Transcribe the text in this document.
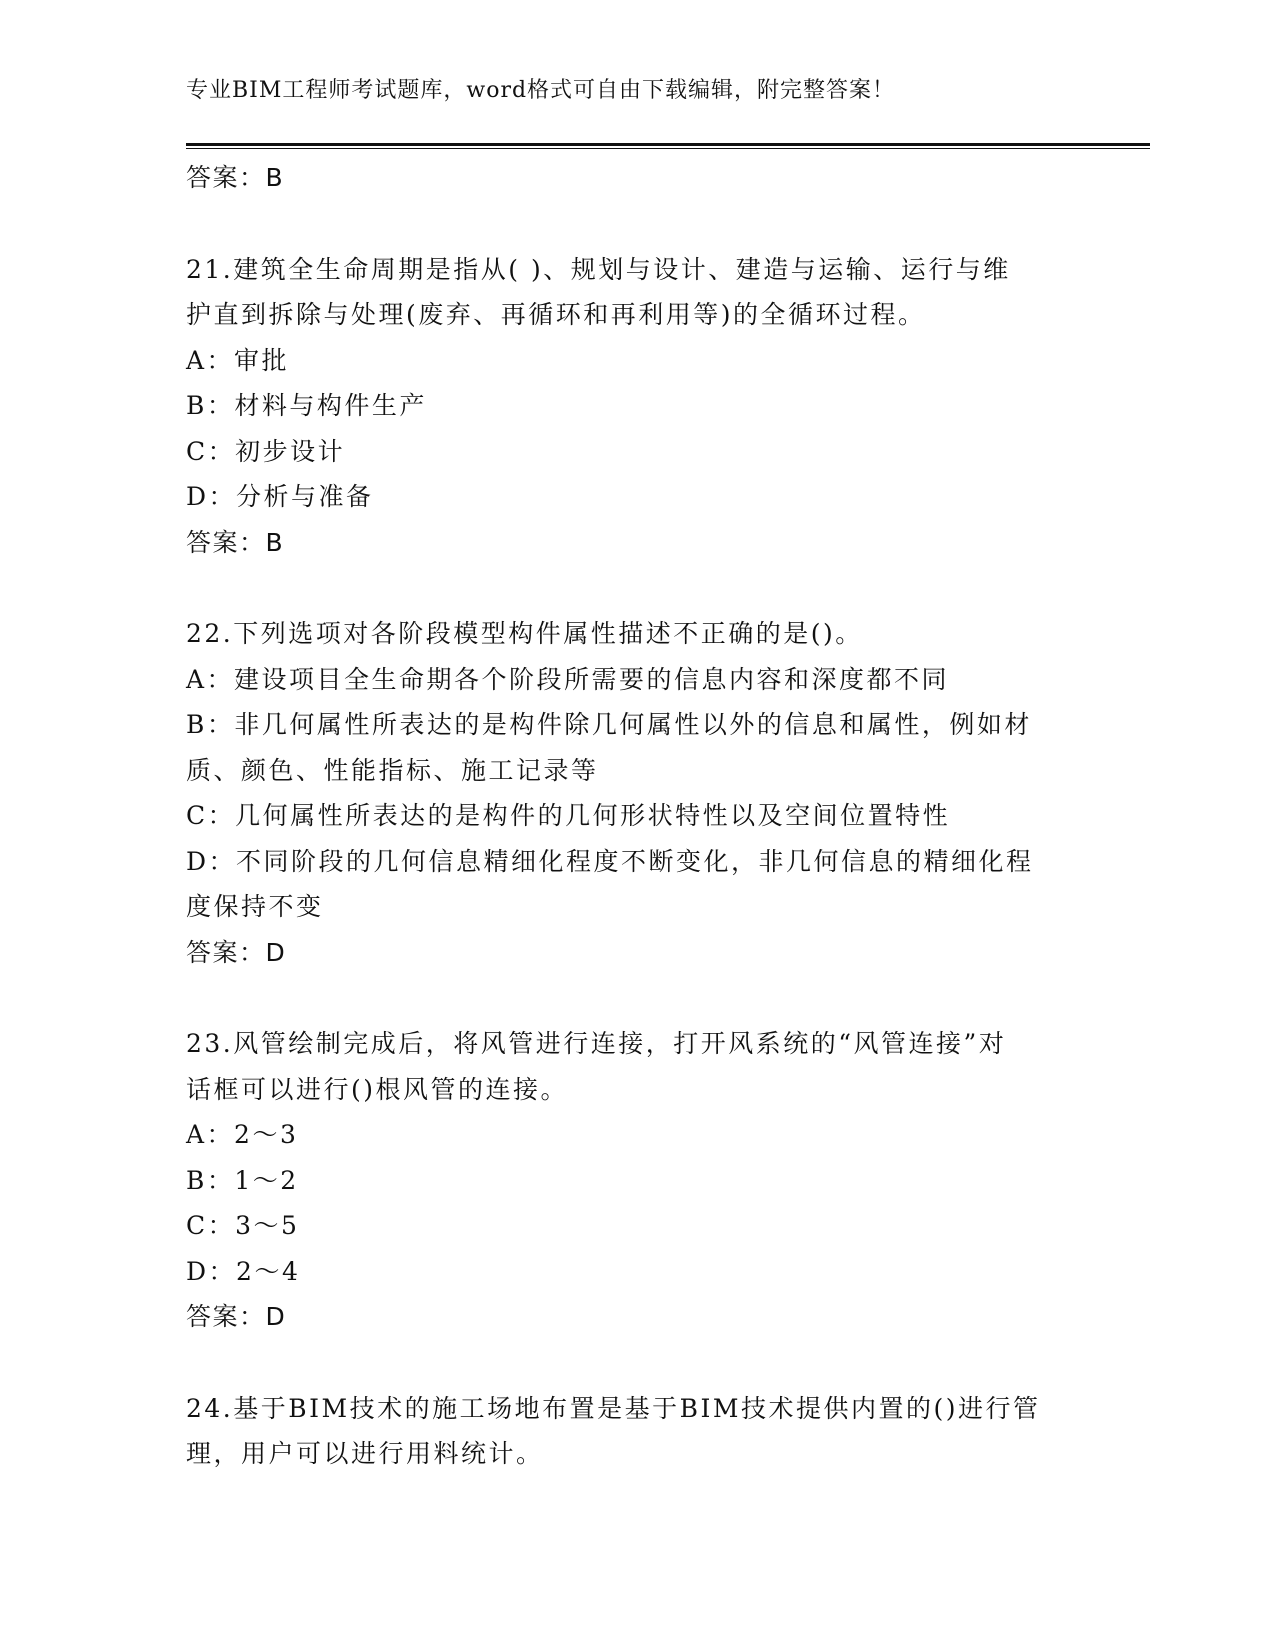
专业BIM工程师考试题库，word格式可自由下载编辑，附完整答案！

答案：B

21.建筑全生命周期是指从( )、规划与设计、建造与运输、运行与维

护直到拆除与处理(废弃、再循环和再利用等)的全循环过程。

A：审批

B：材料与构件生产

C：初步设计

D：分析与准备

答案：B

22.下列选项对各阶段模型构件属性描述不正确的是()。

A：建设项目全生命期各个阶段所需要的信息内容和深度都不同

B：非几何属性所表达的是构件除几何属性以外的信息和属性，例如材

质、颜色、性能指标、施工记录等

C：几何属性所表达的是构件的几何形状特性以及空间位置特性

D：不同阶段的几何信息精细化程度不断变化，非几何信息的精细化程

度保持不变

答案：D

23.风管绘制完成后，将风管进行连接，打开风系统的“风管连接”对

话框可以进行()根风管的连接。

A：2～3

B：1～2

C：3～5

D：2～4

答案：D

24.基于BIM技术的施工场地布置是基于BIM技术提供内置的()进行管

理，用户可以进行用料统计。
